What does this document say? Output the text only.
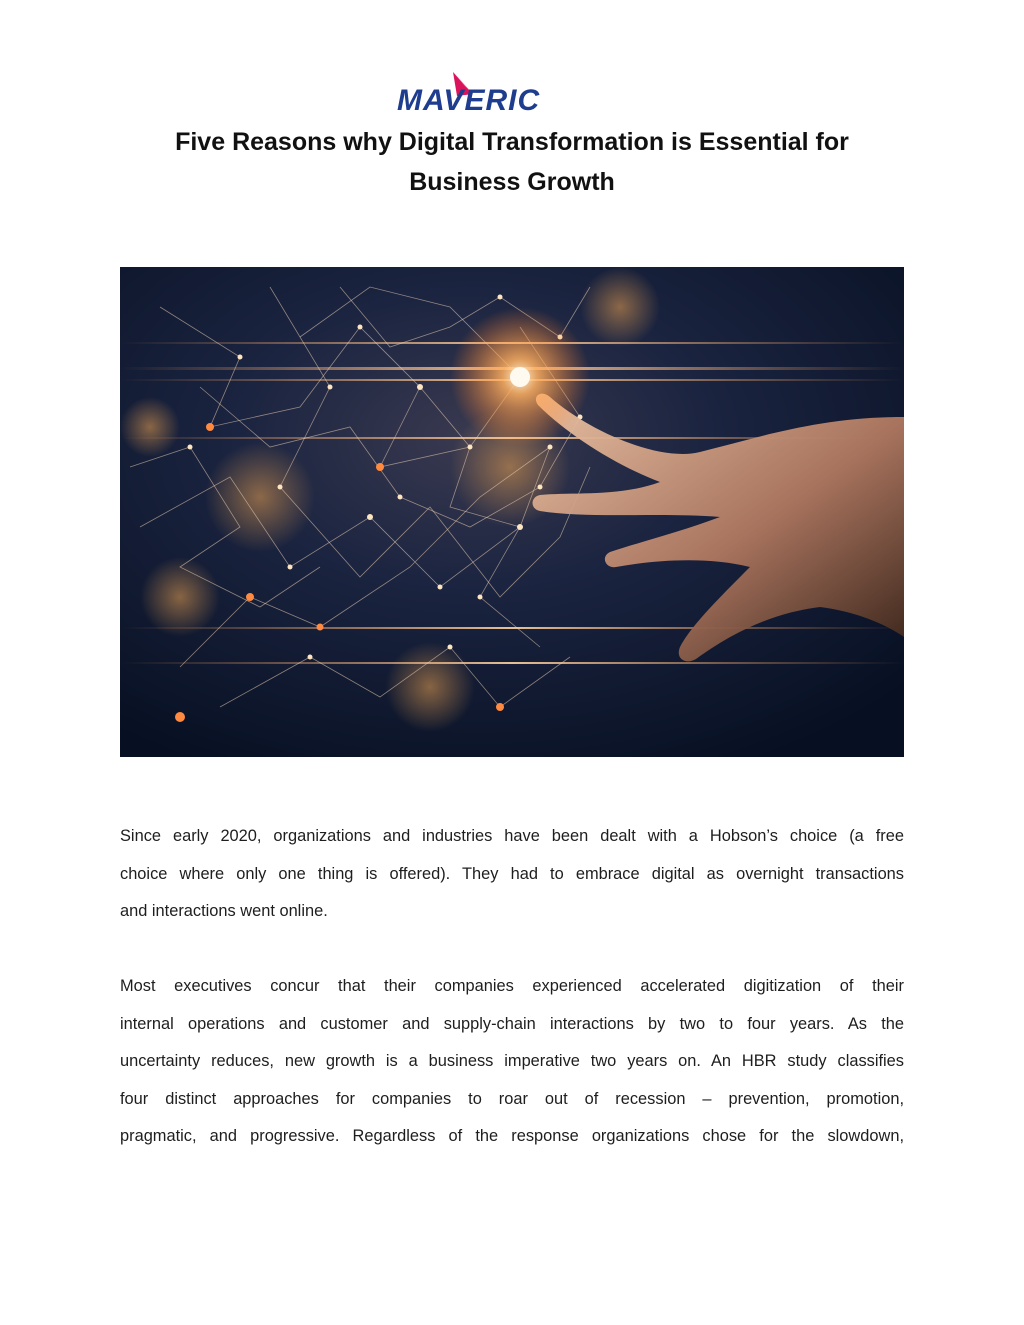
MAVERIC
Five Reasons why Digital Transformation is Essential for
Business Growth
Since early 2020, organizations and industries have been dealt with a Hobson’s choice (a free
choice where only one thing is offered). They had to embrace digital as overnight transactions
and interactions went online.
Most executives concur that their companies experienced accelerated digitization of their
internal operations and customer and supply-chain interactions by two to four years. As the
uncertainty reduces, new growth is a business imperative two years on. An HBR study classifies
four distinct approaches for companies to roar out of recession – prevention, promotion,
pragmatic, and progressive. Regardless of the response organizations chose for the slowdown,
